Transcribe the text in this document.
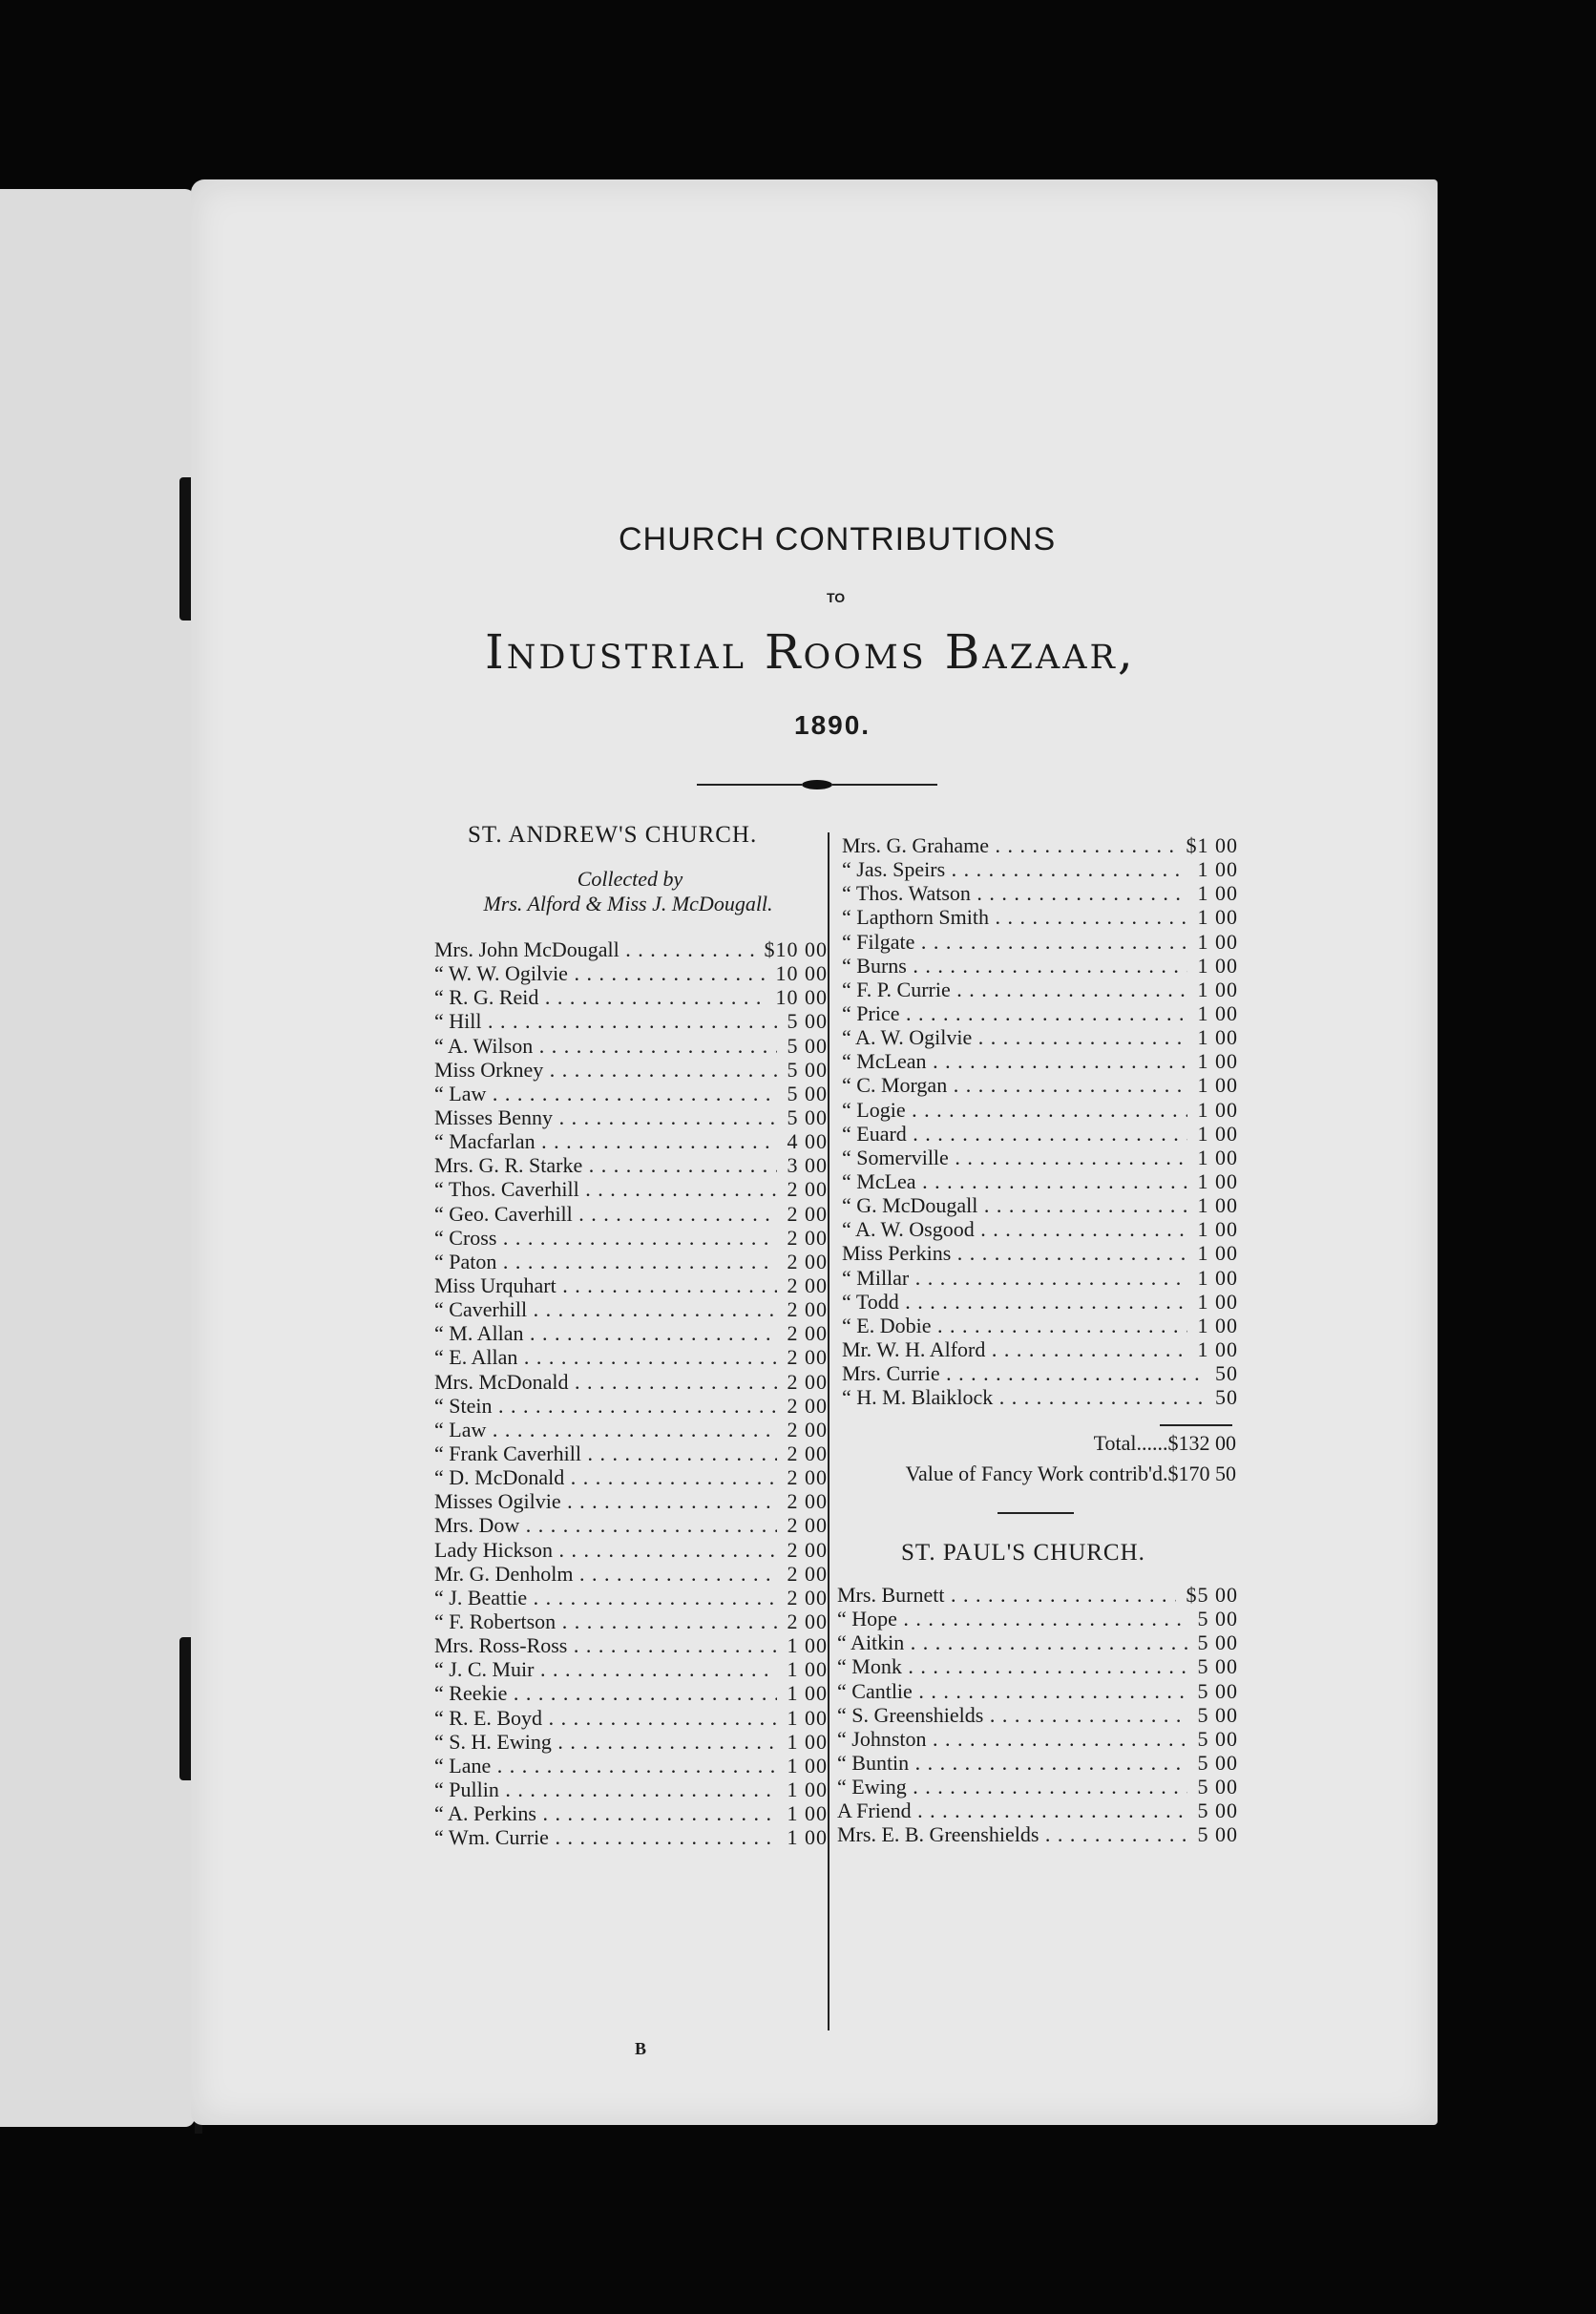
CHURCH CONTRIBUTIONS
TO
Industrial Rooms Bazaar,
1890.
ST. ANDREW'S CHURCH.
Collected by
Mrs. Alford & Miss J. McDougall.
Mrs. John McDougall . . .	$10 00
“ W. W. Ogilvie . . .	10 00
“ R. G. Reid . . .	10 00
“ Hill . . .	5 00
“ A. Wilson . . .	5 00
Miss Orkney . . .	5 00
“ Law . . .	5 00
Misses Benny . . .	5 00
“ Macfarlan . . .	4 00
Mrs. G. R. Starke . . .	3 00
“ Thos. Caverhill . . .	2 00
“ Geo. Caverhill . . .	2 00
“ Cross . . .	2 00
“ Paton . . .	2 00
Miss Urquhart . . .	2 00
“ Caverhill . . .	2 00
“ M. Allan . . .	2 00
“ E. Allan . . .	2 00
Mrs. McDonald . . .	2 00
“ Stein . . .	2 00
“ Law . . .	2 00
“ Frank Caverhill . . .	2 00
“ D. McDonald . . .	2 00
Misses Ogilvie . . .	2 00
Mrs. Dow . . .	2 00
Lady Hickson . . .	2 00
Mr. G. Denholm . . .	2 00
“ J. Beattie . . .	2 00
“ F. Robertson . . .	2 00
Mrs. Ross-Ross . . .	1 00
“ J. C. Muir . . .	1 00
“ Reekie . . .	1 00
“ R. E. Boyd . . .	1 00
“ S. H. Ewing . . .	1 00
“ Lane . . .	1 00
“ Pullin . . .	1 00
“ A. Perkins . . .	1 00
“ Wm. Currie . . .	1 00
Mrs. G. Grahame . . .	$1 00
“ Jas. Speirs . . .	1 00
“ Thos. Watson . . .	1 00
“ Lapthorn Smith . . .	1 00
“ Filgate . . .	1 00
“ Burns . . .	1 00
“ F. P. Currie . . .	1 00
“ Price . . .	1 00
“ A. W. Ogilvie . . .	1 00
“ McLean . . .	1 00
“ C. Morgan . . .	1 00
“ Logie . . .	1 00
“ Euard . . .	1 00
“ Somerville . . .	1 00
“ McLea . . .	1 00
“ G. McDougall . . .	1 00
“ A. W. Osgood . . .	1 00
Miss Perkins . . .	1 00
“ Millar . . .	1 00
“ Todd . . .	1 00
“ E. Dobie . . .	1 00
Mr. W. H. Alford . . .	1 00
Mrs. Currie . . .	50
“ H. M. Blaiklock . . .	50
Total......$132 00
Value of Fancy Work contrib'd.$170 50
ST. PAUL'S CHURCH.
Mrs. Burnett . . .	$5 00
“ Hope . . .	5 00
“ Aitkin . . .	5 00
“ Monk . . .	5 00
“ Cantlie . . .	5 00
“ S. Greenshields . . .	5 00
“ Johnston . . .	5 00
“ Buntin . . .	5 00
“ Ewing . . .	5 00
A Friend . . .	5 00
Mrs. E. B. Greenshields . . .	5 00
B
